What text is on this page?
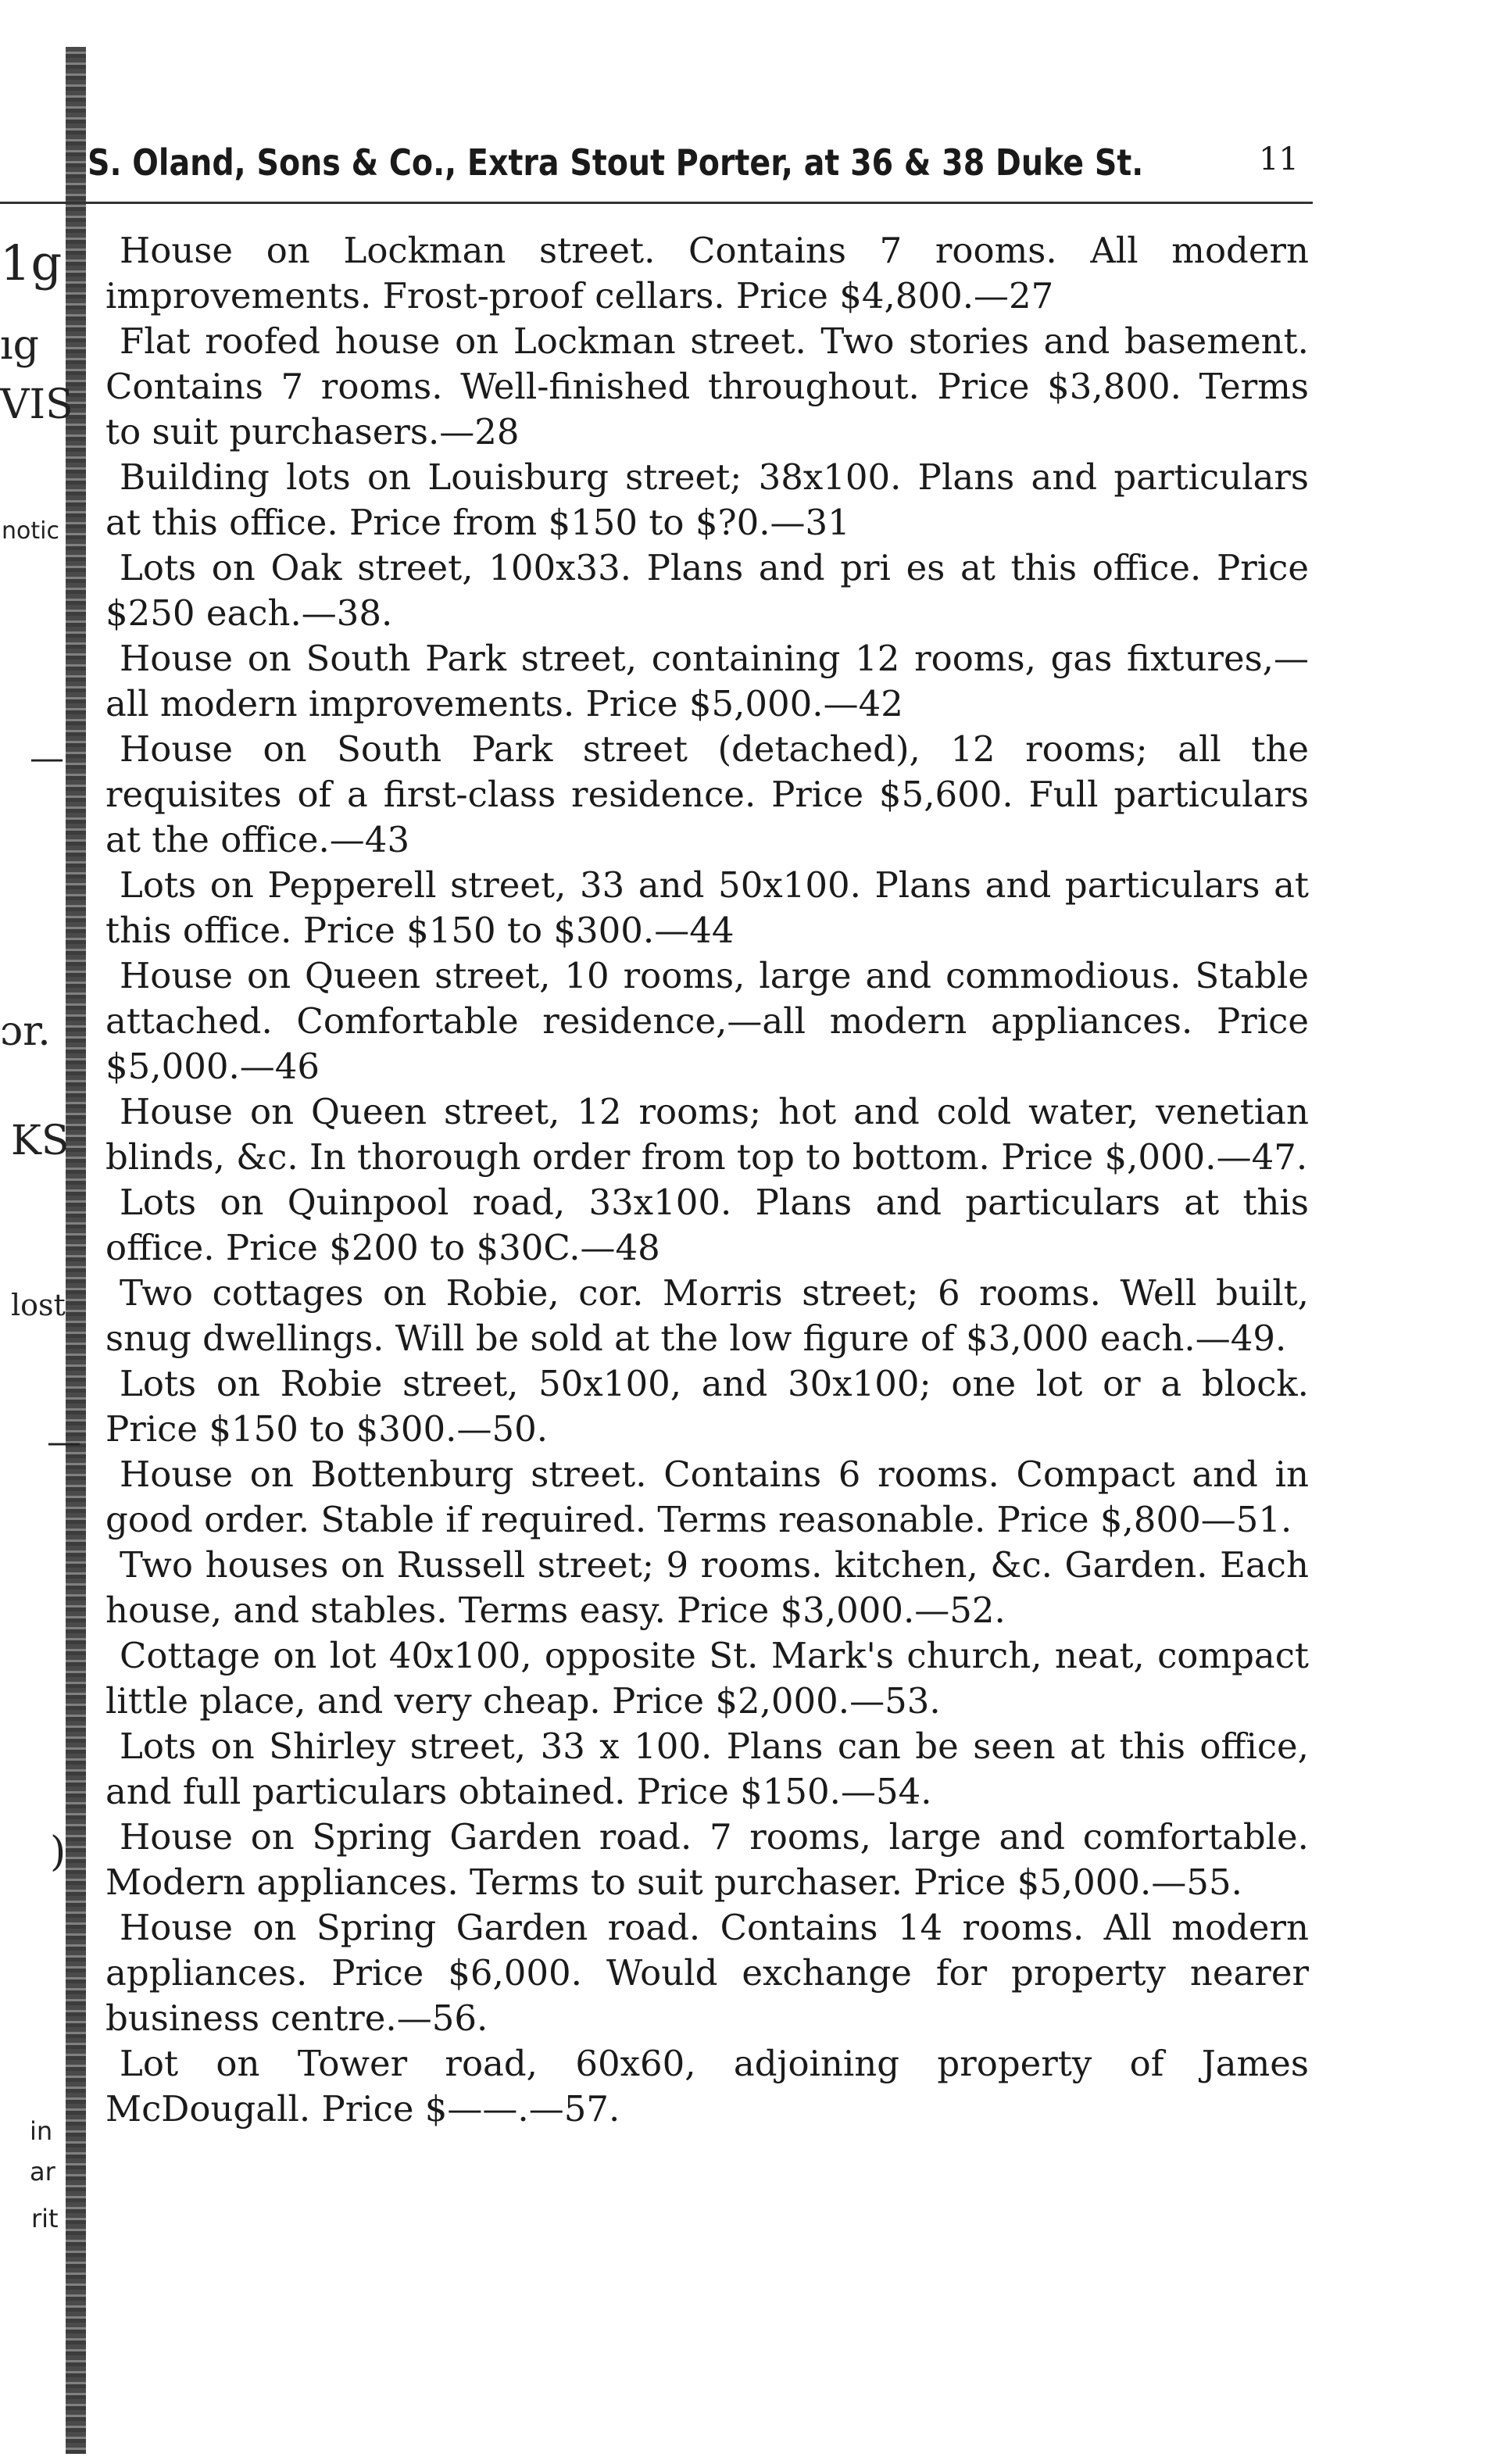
1g
ıg
VIS
notic
—
ɔr.
KS
lost
—
)
in
ar
rit
S. Oland, Sons & Co., Extra Stout Porter, at 36 & 38 Duke St.	11

House on Lockman street. Contains 7 rooms. All modern improvements. Frost-proof cellars. Price $4,800.—27

Flat roofed house on Lockman street. Two stories and basement. Contains 7 rooms. Well-finished throughout. Price $3,800. Terms to suit purchasers.—28

Building lots on Louisburg street; 38x100. Plans and particulars at this office. Price from $150 to $?0.—31

Lots on Oak street, 100x33. Plans and pri es at this office. Price $250 each.—38.

House on South Park street, containing 12 rooms, gas fixtures,—all modern improvements. Price $5,000.—42

House on South Park street (detached), 12 rooms; all the requisites of a first-class residence. Price $5,600. Full particulars at the office.—43

Lots on Pepperell street, 33 and 50x100. Plans and particulars at this office. Price $150 to $300.—44

House on Queen street, 10 rooms, large and commodious. Stable attached. Comfortable residence,—all modern appliances. Price $5,000.—46

House on Queen street, 12 rooms; hot and cold water, venetian blinds, &c. In thorough order from top to bottom. Price $,000.—47.

Lots on Quinpool road, 33x100. Plans and particulars at this office. Price $200 to $30C.—48

Two cottages on Robie, cor. Morris street; 6 rooms. Well built, snug dwellings. Will be sold at the low figure of $3,000 each.—49.

Lots on Robie street, 50x100, and 30x100; one lot or a block. Price $150 to $300.—50.

House on Bottenburg street. Contains 6 rooms. Compact and in good order. Stable if required. Terms reasonable. Price $,800—51.

Two houses on Russell street; 9 rooms. kitchen, &c. Garden. Each house, and stables. Terms easy. Price $3,000.—52.

Cottage on lot 40x100, opposite St. Mark's church, neat, compact little place, and very cheap. Price $2,000.—53.

Lots on Shirley street, 33 x 100. Plans can be seen at this office, and full particulars obtained. Price $150.—54.

House on Spring Garden road. 7 rooms, large and comfortable. Modern appliances. Terms to suit purchaser. Price $5,000.—55.

House on Spring Garden road. Contains 14 rooms. All modern appliances. Price $6,000. Would exchange for property nearer business centre.—56.

Lot on Tower road, 60x60, adjoining property of James McDougall. Price $——.—57.
